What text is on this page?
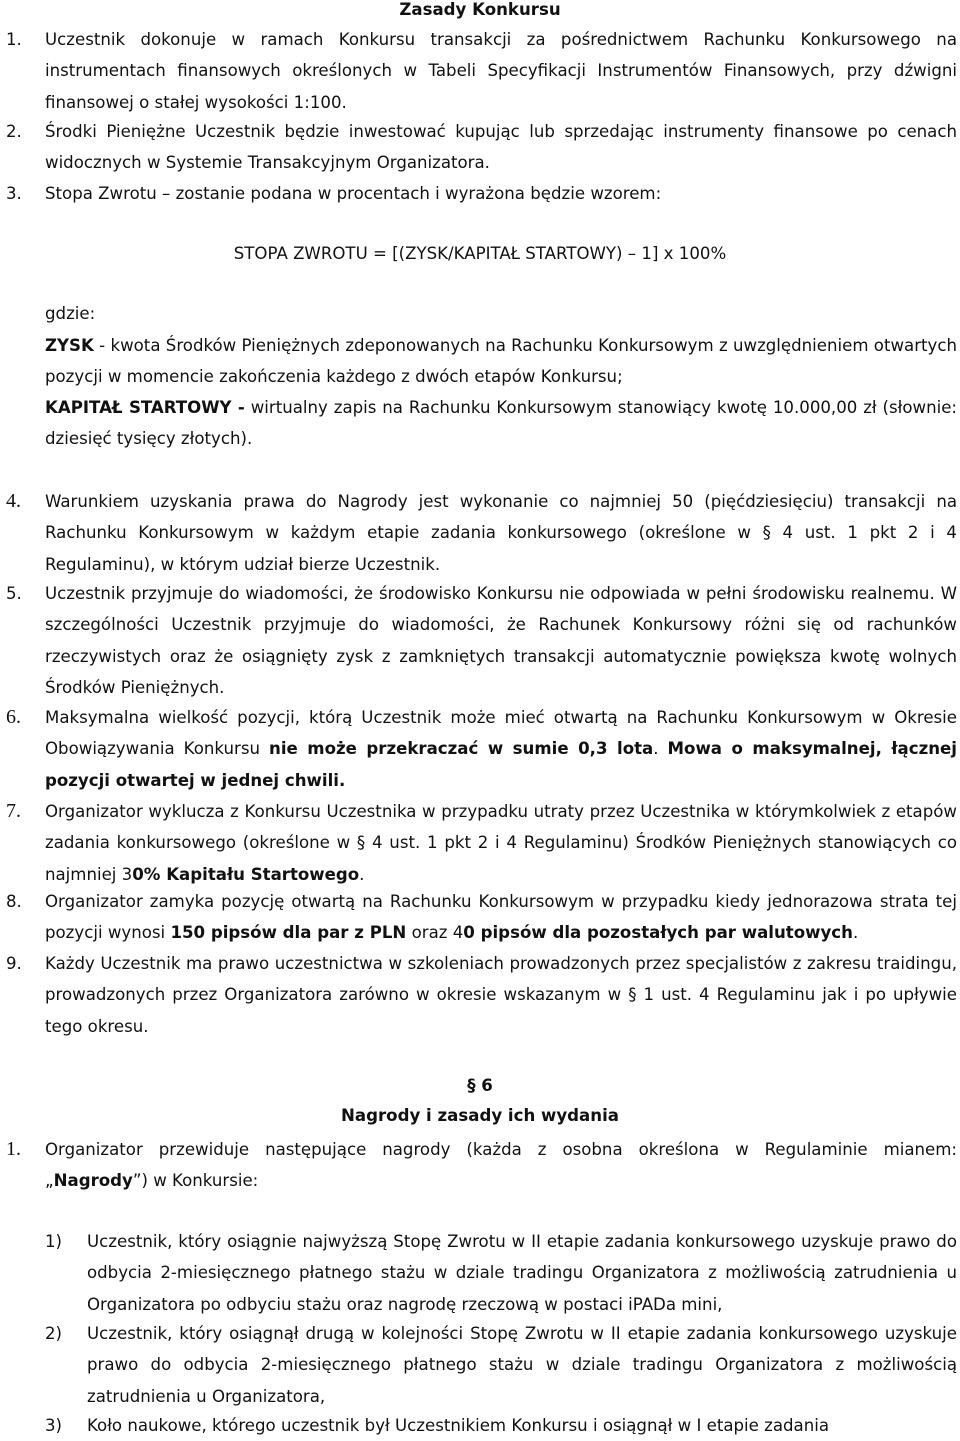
Zasady Konkursu
1.	Uczestnik dokonuje w ramach Konkursu transakcji za pośrednictwem Rachunku Konkursowego na instrumentach finansowych określonych w Tabeli Specyfikacji Instrumentów Finansowych, przy dźwigni finansowej o stałej wysokości 1:100.
2.	Środki Pieniężne Uczestnik będzie inwestować kupując lub sprzedając instrumenty finansowe po cenach widocznych w Systemie Transakcyjnym Organizatora.
3.	Stopa Zwrotu – zostanie podana w procentach i wyrażona będzie wzorem:
STOPA ZWROTU = [(ZYSK/KAPITAŁ STARTOWY) – 1] x 100%
gdzie:
ZYSK - kwota Środków Pieniężnych zdeponowanych na Rachunku Konkursowym z uwzględnieniem otwartych pozycji w momencie zakończenia każdego z dwóch etapów Konkursu;
KAPITAŁ STARTOWY - wirtualny zapis na Rachunku Konkursowym stanowiący kwotę 10.000,00 zł (słownie: dziesięć tysięcy złotych).
4.	Warunkiem uzyskania prawa do Nagrody jest wykonanie co najmniej 50 (pięćdziesięciu) transakcji na Rachunku Konkursowym w każdym etapie zadania konkursowego (określone w § 4 ust. 1 pkt 2 i 4 Regulaminu), w którym udział bierze Uczestnik.
5.	Uczestnik przyjmuje do wiadomości, że środowisko Konkursu nie odpowiada w pełni środowisku realnemu. W szczególności Uczestnik przyjmuje do wiadomości, że Rachunek Konkursowy różni się od rachunków rzeczywistych oraz że osiągnięty zysk z zamkniętych transakcji automatycznie powiększa kwotę wolnych Środków Pieniężnych.
6.	Maksymalna wielkość pozycji, którą Uczestnik może mieć otwartą na Rachunku Konkursowym w Okresie Obowiązywania Konkursu nie może przekraczać w sumie 0,3 lota. Mowa o maksymalnej, łącznej pozycji otwartej w jednej chwili.
7.	Organizator wyklucza z Konkursu Uczestnika w przypadku utraty przez Uczestnika w którymkolwiek z etapów zadania konkursowego (określone w § 4 ust. 1 pkt 2 i 4 Regulaminu) Środków Pieniężnych stanowiących co najmniej 30% Kapitału Startowego.
8.	Organizator zamyka pozycję otwartą na Rachunku Konkursowym w przypadku kiedy jednorazowa strata tej pozycji wynosi 150 pipsów dla par z PLN oraz 40 pipsów dla pozostałych par walutowych.
9.	Każdy Uczestnik ma prawo uczestnictwa w szkoleniach prowadzonych przez specjalistów z zakresu traidingu, prowadzonych przez Organizatora zarówno w okresie wskazanym w § 1 ust. 4 Regulaminu jak i po upływie tego okresu.
§ 6
Nagrody i zasady ich wydania
1.	Organizator przewiduje następujące nagrody (każda z osobna określona w Regulaminie mianem: „Nagrody”) w Konkursie:
1) Uczestnik, który osiągnie najwyższą Stopę Zwrotu w II etapie zadania konkursowego uzyskuje prawo do odbycia 2-miesięcznego płatnego stażu w dziale tradingu Organizatora z możliwością zatrudnienia u Organizatora po odbyciu stażu oraz nagrodę rzeczową w postaci iPADa mini,
2) Uczestnik, który osiągnął drugą w kolejności Stopę Zwrotu w II etapie zadania konkursowego uzyskuje prawo do odbycia 2-miesięcznego płatnego stażu w dziale tradingu Organizatora z możliwością zatrudnienia u Organizatora,
3) Koło naukowe, którego uczestnik był Uczestnikiem Konkursu i osiągnął w I etapie zadania
